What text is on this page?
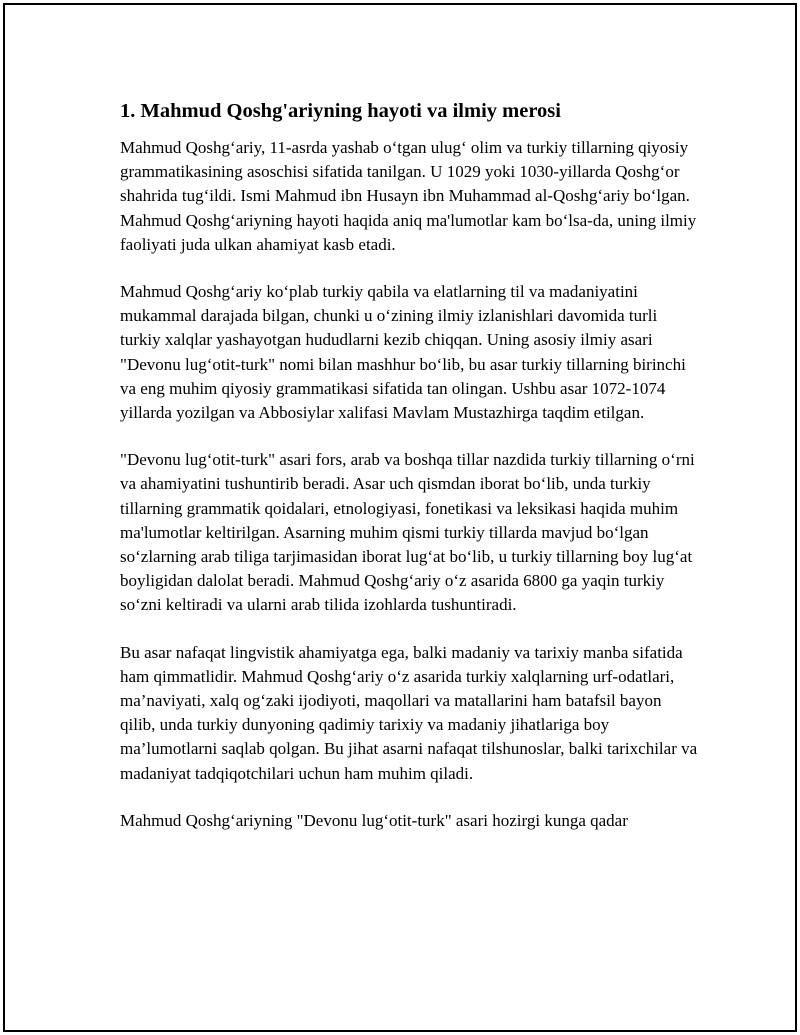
1. Mahmud Qoshg'ariyning hayoti va ilmiy merosi

Mahmud Qoshg‘ariy, 11-asrda yashab o‘tgan ulug‘ olim va turkiy tillarning qiyosiy grammatikasining asoschisi sifatida tanilgan. U 1029 yoki 1030-yillarda Qoshg‘or shahrida tug‘ildi. Ismi Mahmud ibn Husayn ibn Muhammad al-Qoshg‘ariy bo‘lgan. Mahmud Qoshg‘ariyning hayoti haqida aniq ma'lumotlar kam bo‘lsa-da, uning ilmiy faoliyati juda ulkan ahamiyat kasb etadi.

Mahmud Qoshg‘ariy ko‘plab turkiy qabila va elatlarning til va madaniyatini mukammal darajada bilgan, chunki u o‘zining ilmiy izlanishlari davomida turli turkiy xalqlar yashayotgan hududlarni kezib chiqqan. Uning asosiy ilmiy asari "Devonu lug‘otit-turk" nomi bilan mashhur bo‘lib, bu asar turkiy tillarning birinchi va eng muhim qiyosiy grammatikasi sifatida tan olingan. Ushbu asar 1072-1074 yillarda yozilgan va Abbosiylar xalifasi Mavlam Mustazhirga taqdim etilgan.

"Devonu lug‘otit-turk" asari fors, arab va boshqa tillar nazdida turkiy tillarning o‘rni va ahamiyatini tushuntirib beradi. Asar uch qismdan iborat bo‘lib, unda turkiy tillarning grammatik qoidalari, etnologiyasi, fonetikasi va leksikasi haqida muhim ma'lumotlar keltirilgan. Asarning muhim qismi turkiy tillarda mavjud bo‘lgan so‘zlarning arab tiliga tarjimasidan iborat lug‘at bo‘lib, u turkiy tillarning boy lug‘at boyligidan dalolat beradi. Mahmud Qoshg‘ariy o‘z asarida 6800 ga yaqin turkiy so‘zni keltiradi va ularni arab tilida izohlarda tushuntiradi.

Bu asar nafaqat lingvistik ahamiyatga ega, balki madaniy va tarixiy manba sifatida ham qimmatlidir. Mahmud Qoshg‘ariy o‘z asarida turkiy xalqlarning urf-odatlari, ma’naviyati, xalq og‘zaki ijodiyoti, maqollari va matallarini ham batafsil bayon qilib, unda turkiy dunyoning qadimiy tarixiy va madaniy jihatlariga boy ma’lumotlarni saqlab qolgan. Bu jihat asarni nafaqat tilshunoslar, balki tarixchilar va madaniyat tadqiqotchilari uchun ham muhim qiladi.

Mahmud Qoshg‘ariyning "Devonu lug‘otit-turk" asari hozirgi kunga qadar
